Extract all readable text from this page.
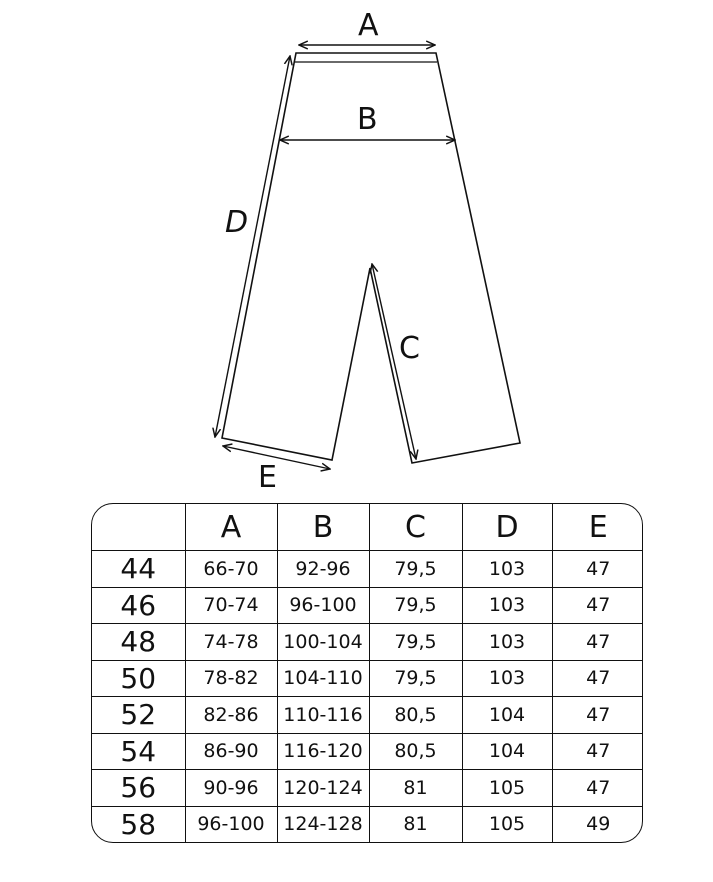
A
B
D
C
E
	A	B	C	D	E
44	66-70	92-96	79,5	103	47
46	70-74	96-100	79,5	103	47
48	74-78	100-104	79,5	103	47
50	78-82	104-110	79,5	103	47
52	82-86	110-116	80,5	104	47
54	86-90	116-120	80,5	104	47
56	90-96	120-124	81	105	47
58	96-100	124-128	81	105	49
